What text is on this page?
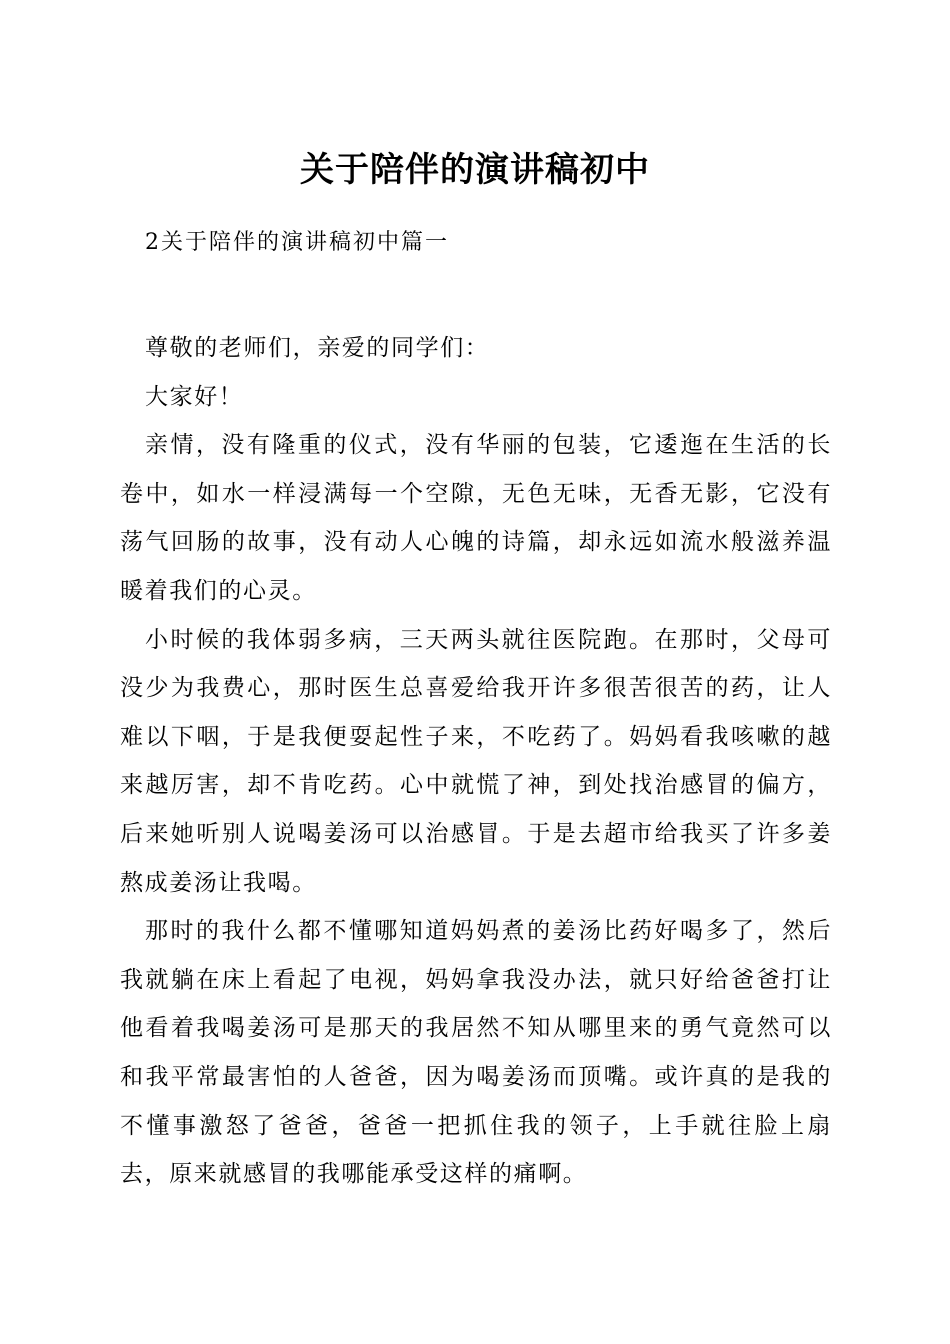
关于陪伴的演讲稿初中

2关于陪伴的演讲稿初中篇一

尊敬的老师们，亲爱的同学们：

大家好！

亲情，没有隆重的仪式，没有华丽的包装，它逶迤在生活的长卷中，如水一样浸满每一个空隙，无色无味，无香无影，它没有荡气回肠的故事，没有动人心魄的诗篇，却永远如流水般滋养温暖着我们的心灵。

小时候的我体弱多病，三天两头就往医院跑。在那时，父母可没少为我费心，那时医生总喜爱给我开许多很苦很苦的药，让人难以下咽，于是我便耍起性子来，不吃药了。妈妈看我咳嗽的越来越厉害，却不肯吃药。心中就慌了神，到处找治感冒的偏方，后来她听别人说喝姜汤可以治感冒。于是去超市给我买了许多姜熬成姜汤让我喝。

那时的我什么都不懂哪知道妈妈煮的姜汤比药好喝多了，然后我就躺在床上看起了电视，妈妈拿我没办法，就只好给爸爸打让他看着我喝姜汤可是那天的我居然不知从哪里来的勇气竟然可以和我平常最害怕的人爸爸，因为喝姜汤而顶嘴。或许真的是我的不懂事激怒了爸爸，爸爸一把抓住我的领子，上手就往脸上扇去，原来就感冒的我哪能承受这样的痛啊。
